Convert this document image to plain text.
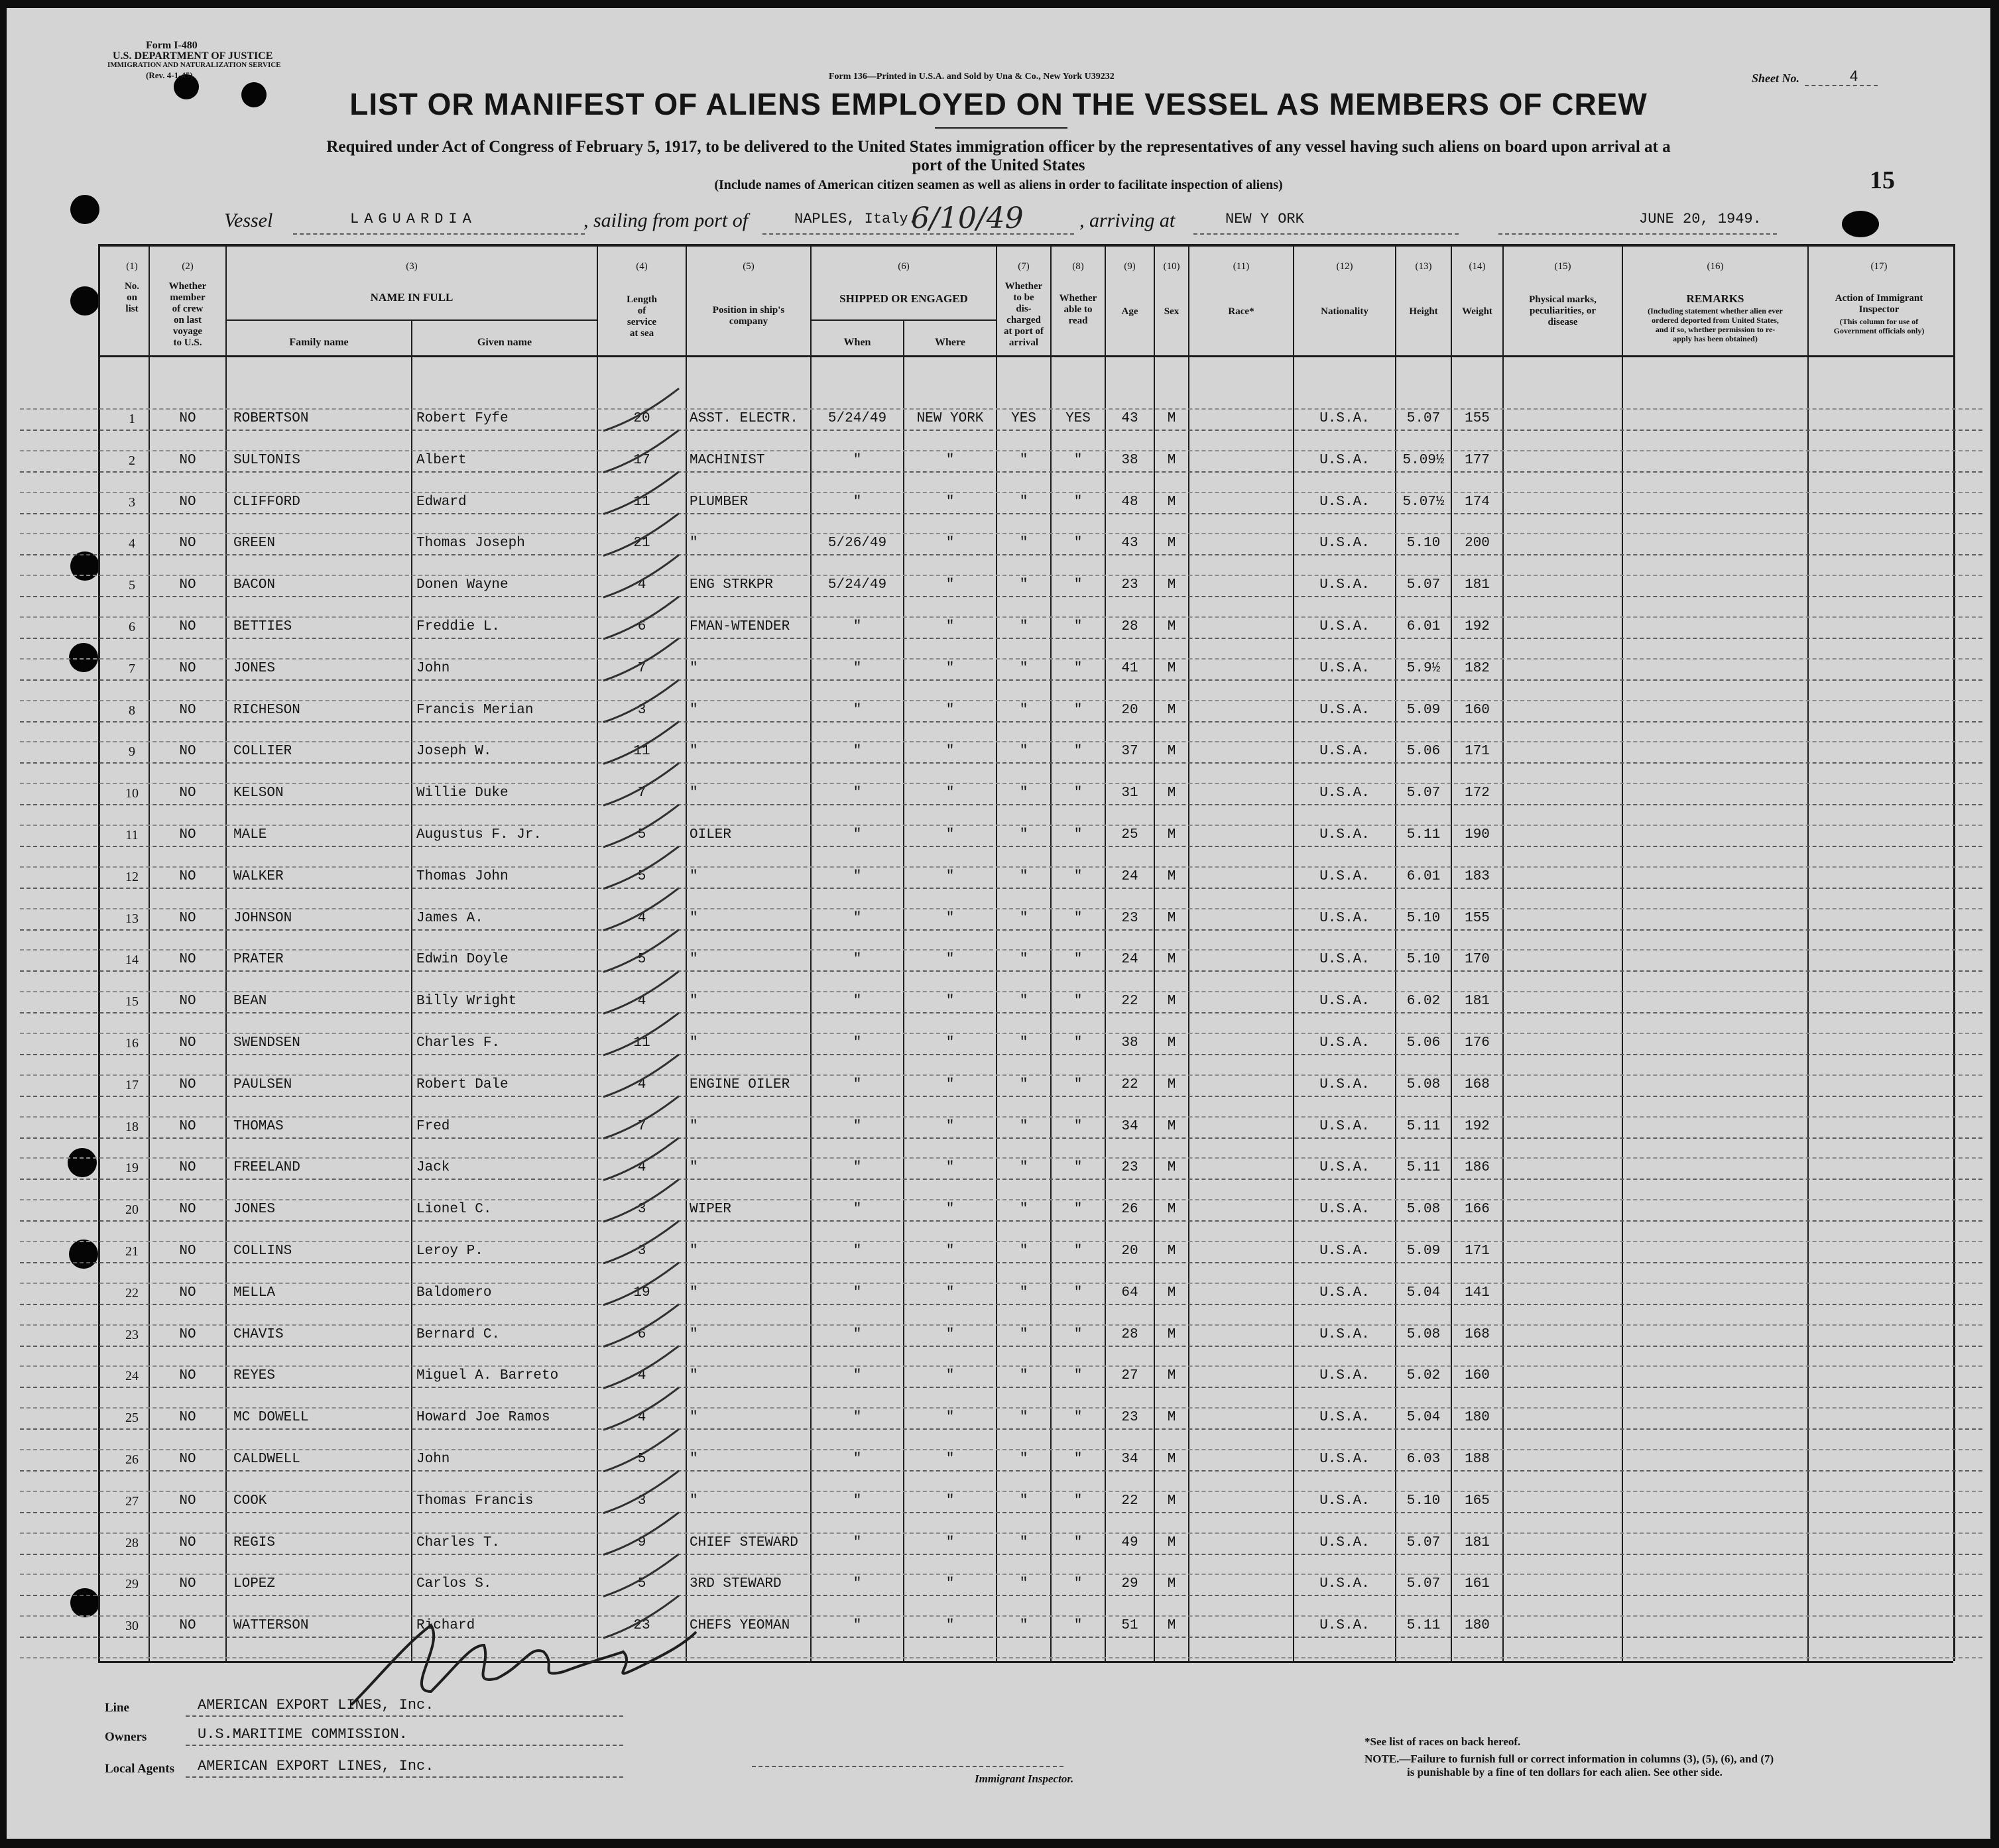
Form I-480
U.S. DEPARTMENT OF JUSTICE
IMMIGRATION AND NATURALIZATION SERVICE
(Rev. 4-1-45)	Form 136—Printed in U.S.A. and Sold by Una & Co., New York U39232	Sheet No.	4
LIST OR MANIFEST OF ALIENS EMPLOYED ON THE VESSEL AS MEMBERS OF CREW
Required under Act of Congress of February 5, 1917, to be delivered to the United States immigration officer by the representatives of any vessel having such aliens on board upon arrival at a
port of the United States
(Include names of American citizen seamen as well as aliens in order to facilitate inspection of aliens)	15
Vessel	LAGUARDIA	, sailing from port of	NAPLES, Italy.
6/10/49	, arriving at	NEW Y ORK	JUNE 20, 1949.
(1)
No.
on
list
(2)
Whether
member
of crew
on last
voyage
to U.S.
(3)
NAME IN FULL
Family name	Given name
(4)
Length
of
service
at sea
(5)
Position in ship's
company
(6)
SHIPPED OR ENGAGED
When	Where
(7)
Whether
to be
dis-
charged
at port of
arrival
(8)
Whether
able to
read
(9)
Age
(10)
Sex
(11)
Race*
(12)
Nationality
(13)
Height
(14)
Weight
(15)
Physical marks,
peculiarities, or
disease
(16)
REMARKS
(Including statement whether alien ever
ordered deported from United States,
and if so, whether permission to re-
apply has been obtained)
(17)
Action of Immigrant
Inspector
(This column for use of
Government officials only)
1	NO	ROBERTSON	Robert Fyfe	20	ASST. ELECTR.	5/24/49	NEW YORK	YES	YES	43	M	U.S.A.	5.07	155
2	NO	SULTONIS	Albert	17	MACHINIST	"	"	"	"	38	M	U.S.A.	5.09½	177
3	NO	CLIFFORD	Edward	11	PLUMBER	"	"	"	"	48	M	U.S.A.	5.07½	174
4	NO	GREEN	Thomas Joseph	21	"	5/26/49	"	"	"	43	M	U.S.A.	5.10	200
5	NO	BACON	Donen Wayne	4	ENG STRKPR	5/24/49	"	"	"	23	M	U.S.A.	5.07	181
6	NO	BETTIES	Freddie L.	6	FMAN-WTENDER	"	"	"	"	28	M	U.S.A.	6.01	192
7	NO	JONES	John	7	"	"	"	"	"	41	M	U.S.A.	5.9½	182
8	NO	RICHESON	Francis Merian	3	"	"	"	"	"	20	M	U.S.A.	5.09	160
9	NO	COLLIER	Joseph W.	11	"	"	"	"	"	37	M	U.S.A.	5.06	171
10	NO	KELSON	Willie Duke	7	"	"	"	"	"	31	M	U.S.A.	5.07	172
11	NO	MALE	Augustus F. Jr.	5	OILER	"	"	"	"	25	M	U.S.A.	5.11	190
12	NO	WALKER	Thomas John	5	"	"	"	"	"	24	M	U.S.A.	6.01	183
13	NO	JOHNSON	James A.	4	"	"	"	"	"	23	M	U.S.A.	5.10	155
14	NO	PRATER	Edwin Doyle	5	"	"	"	"	"	24	M	U.S.A.	5.10	170
15	NO	BEAN	Billy Wright	4	"	"	"	"	"	22	M	U.S.A.	6.02	181
16	NO	SWENDSEN	Charles F.	11	"	"	"	"	"	38	M	U.S.A.	5.06	176
17	NO	PAULSEN	Robert Dale	4	ENGINE OILER	"	"	"	"	22	M	U.S.A.	5.08	168
18	NO	THOMAS	Fred	7	"	"	"	"	"	34	M	U.S.A.	5.11	192
19	NO	FREELAND	Jack	4	"	"	"	"	"	23	M	U.S.A.	5.11	186
20	NO	JONES	Lionel C.	3	WIPER	"	"	"	"	26	M	U.S.A.	5.08	166
21	NO	COLLINS	Leroy P.	3	"	"	"	"	"	20	M	U.S.A.	5.09	171
22	NO	MELLA	Baldomero	19	"	"	"	"	"	64	M	U.S.A.	5.04	141
23	NO	CHAVIS	Bernard C.	6	"	"	"	"	"	28	M	U.S.A.	5.08	168
24	NO	REYES	Miguel A. Barreto	4	"	"	"	"	"	27	M	U.S.A.	5.02	160
25	NO	MC DOWELL	Howard Joe Ramos	4	"	"	"	"	"	23	M	U.S.A.	5.04	180
26	NO	CALDWELL	John	5	"	"	"	"	"	34	M	U.S.A.	6.03	188
27	NO	COOK	Thomas Francis	3	"	"	"	"	"	22	M	U.S.A.	5.10	165
28	NO	REGIS	Charles T.	9	CHIEF STEWARD	"	"	"	"	49	M	U.S.A.	5.07	181
29	NO	LOPEZ	Carlos S.	5	3RD STEWARD	"	"	"	"	29	M	U.S.A.	5.07	161
30	NO	WATTERSON	Richard	23	CHEFS YEOMAN	"	"	"	"	51	M	U.S.A.	5.11	180
Line	AMERICAN EXPORT LINES, Inc.
Owners	U.S.MARITIME COMMISSION.
Local Agents AMERICAN EXPORT LINES, Inc.
Immigrant Inspector.
*See list of races on back hereof.
NOTE.—Failure to furnish full or correct information in columns (3), (5), (6), and (7)
is punishable by a fine of ten dollars for each alien. See other side.
